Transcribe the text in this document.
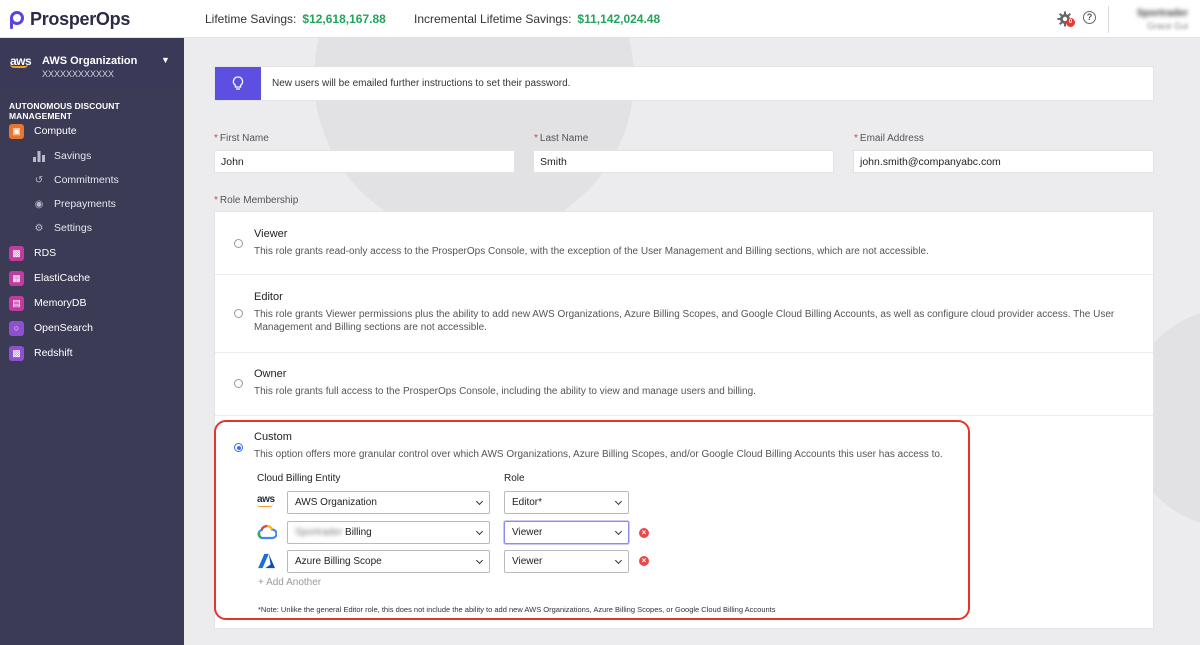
ProsperOps	Lifetime Savings: $12,618,167.88 Incremental Lifetime Savings: $11,142,024.48	0	?	Sportrader
Grace Gui
aws AWS Organization
XXXXXXXXXXXX
▼
AUTONOMOUS DISCOUNT MANAGEMENT
▣	Compute
Savings
↺ Commitments
◉ Prepayments
⚙ Settings
▩	RDS
▦	ElastiCache
▤	MemoryDB
○	OpenSearch
▩	Redshift
New users will be emailed further instructions to set their password.
* First Name
John
* Last Name
Smith
* Email Address
john.smith@companyabc.com
* Role Membership
Viewer
This role grants read-only access to the ProsperOps Console, with the exception of the User Management and Billing sections, which are not accessible.
Editor
This role grants Viewer permissions plus the ability to add new AWS Organizations, Azure Billing Scopes, and Google Cloud Billing Accounts, as well as configure cloud provider access. The User Management and Billing sections are not accessible.
Owner
This role grants full access to the ProsperOps Console, including the ability to view and manage users and billing.
Custom
This option offers more granular control over which AWS Organizations, Azure Billing Scopes, and/or Google Cloud Billing Accounts this user has access to.
Cloud Billing Entity	Role
aws	AWS Organization	Editor*
Sportrader Billing	Viewer	×
Azure Billing Scope	Viewer	×
+ Add Another
*Note: Unlike the general Editor role, this does not include the ability to add new AWS Organizations, Azure Billing Scopes, or Google Cloud Billing Accounts
